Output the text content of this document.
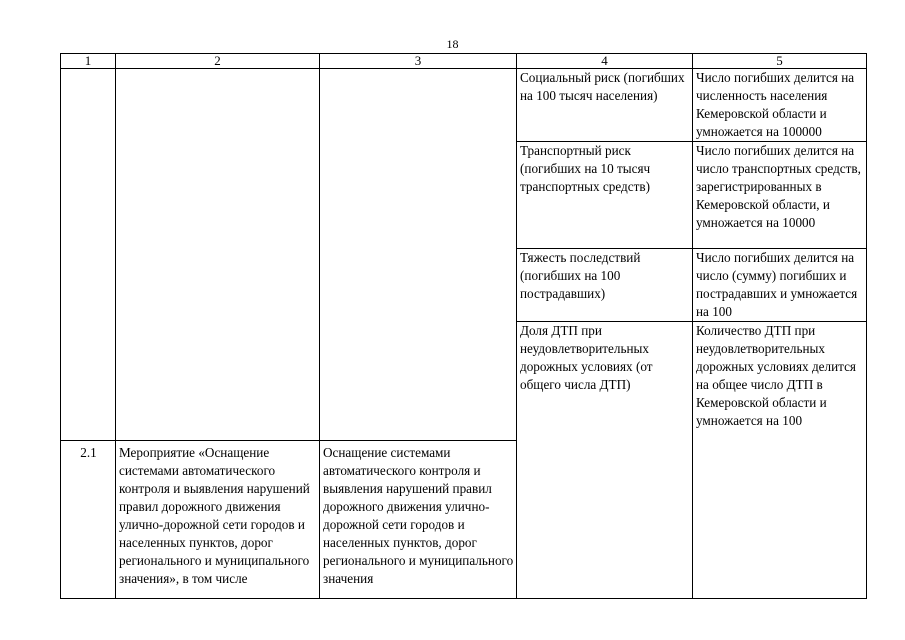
18
1	2	3	4	5
			Социальный риск (погибших на 100 тысяч населения)	Число погибших делится на численность населения Кемеровской области и умножается на 100000
			Транспортный риск (погибших на 10 тысяч транспортных средств)	Число погибших делится на число транспортных средств, зарегистрированных в Кемеровской области, и умножается на 10000
			Тяжесть последствий (погибших на 100 пострадавших)	Число погибших делится на число (сумму) погибших и пострадавших и умножается на 100
			Доля ДТП при неудовлетворительных дорожных условиях (от общего числа ДТП)	Количество ДТП при неудовлетворительных дорожных условиях делится на общее число ДТП в Кемеровской области и умножается на 100
2.1	Мероприятие «Оснащение системами автоматического контроля и выявления нарушений правил дорожного движения улично-дорожной сети городов и населенных пунктов, дорог регионального и муниципального значения», в том числе	Оснащение системами автоматического контроля и выявления нарушений правил дорожного движения улично-дорожной сети городов и населенных пунктов, дорог регионального и муниципального значения		
